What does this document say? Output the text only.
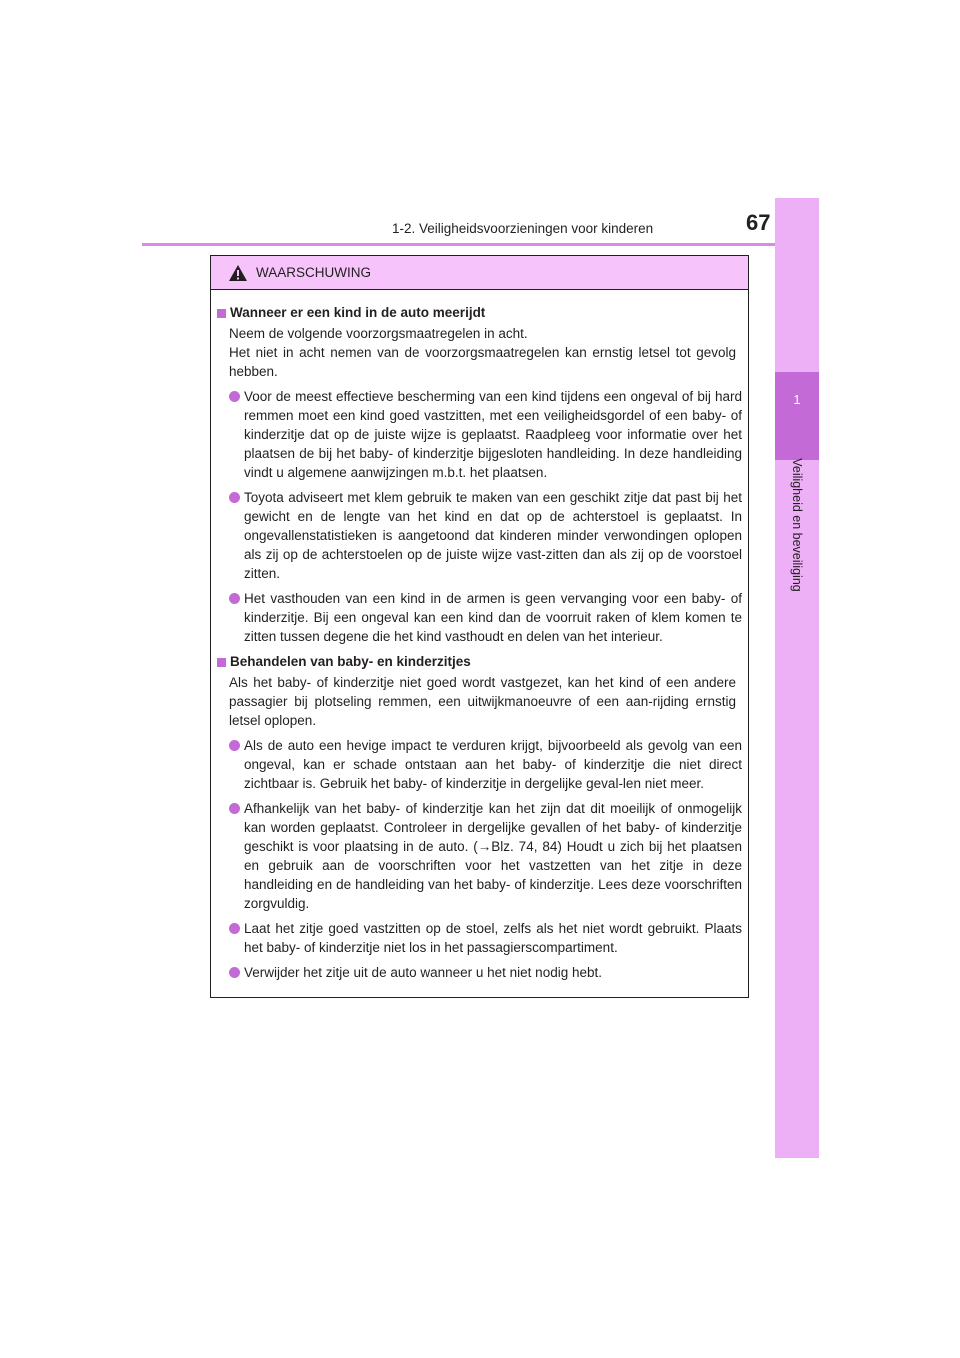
1-2. Veiligheidsvoorzieningen voor kinderen	67
1
Veiligheid en beveiliging
WAARSCHUWING
Wanneer er een kind in de auto meerijdt

Neem de volgende voorzorgsmaatregelen in acht.
Het niet in acht nemen van de voorzorgsmaatregelen kan ernstig letsel tot gevolg hebben.

Voor de meest effectieve bescherming van een kind tijdens een ongeval of bij hard remmen moet een kind goed vastzitten, met een veiligheidsgordel of een baby- of kinderzitje dat op de juiste wijze is geplaatst. Raadpleeg voor informatie over het plaatsen de bij het baby- of kinderzitje bijgesloten handleiding. In deze handleiding vindt u algemene aanwijzingen m.b.t. het plaatsen.

Toyota adviseert met klem gebruik te maken van een geschikt zitje dat past bij het gewicht en de lengte van het kind en dat op de achterstoel is geplaatst. In ongevallenstatistieken is aangetoond dat kinderen minder verwondingen oplopen als zij op de achterstoelen op de juiste wijze vast-zitten dan als zij op de voorstoel zitten.

Het vasthouden van een kind in de armen is geen vervanging voor een baby- of kinderzitje. Bij een ongeval kan een kind dan de voorruit raken of klem komen te zitten tussen degene die het kind vasthoudt en delen van het interieur.

Behandelen van baby- en kinderzitjes

Als het baby- of kinderzitje niet goed wordt vastgezet, kan het kind of een andere passagier bij plotseling remmen, een uitwijkmanoeuvre of een aan-rijding ernstig letsel oplopen.

Als de auto een hevige impact te verduren krijgt, bijvoorbeeld als gevolg van een ongeval, kan er schade ontstaan aan het baby- of kinderzitje die niet direct zichtbaar is. Gebruik het baby- of kinderzitje in dergelijke geval-len niet meer.

Afhankelijk van het baby- of kinderzitje kan het zijn dat dit moeilijk of onmogelijk kan worden geplaatst. Controleer in dergelijke gevallen of het baby- of kinderzitje geschikt is voor plaatsing in de auto. (→Blz. 74, 84) Houdt u zich bij het plaatsen en gebruik aan de voorschriften voor het vastzetten van het zitje in deze handleiding en de handleiding van het baby- of kinderzitje. Lees deze voorschriften zorgvuldig.

Laat het zitje goed vastzitten op de stoel, zelfs als het niet wordt gebruikt. Plaats het baby- of kinderzitje niet los in het passagierscompartiment.

Verwijder het zitje uit de auto wanneer u het niet nodig hebt.
